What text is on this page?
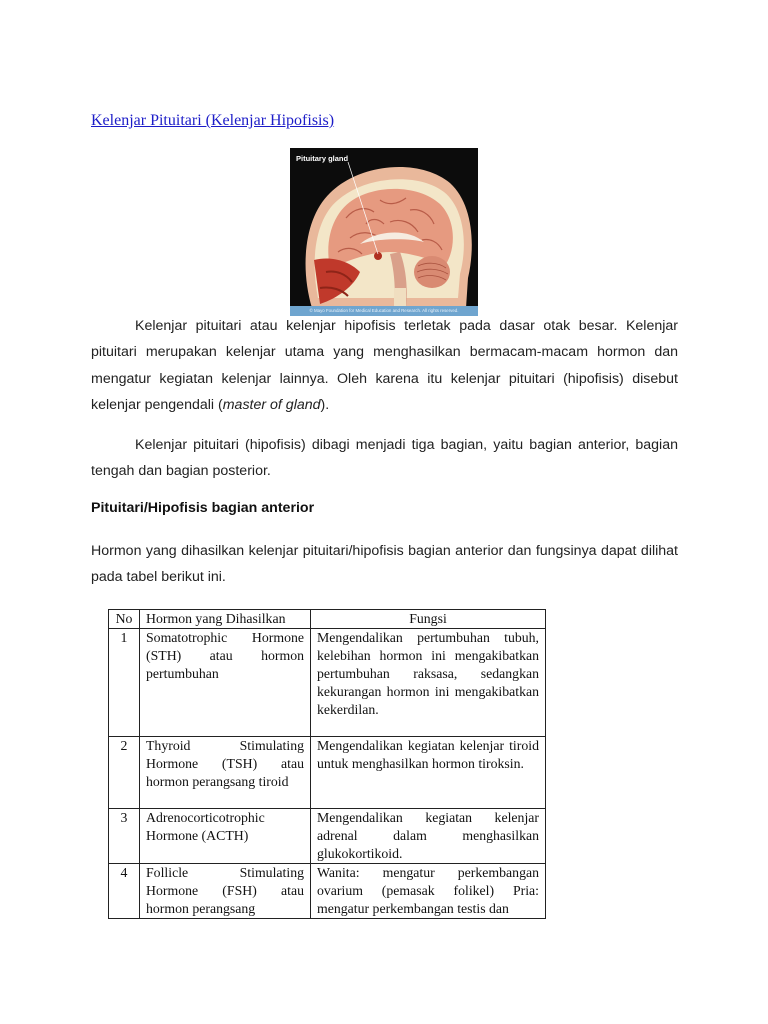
Kelenjar Pituitari (Kelenjar Hipofisis)
Pituitary gland
© Mayo Foundation for Medical Education and Research. All rights reserved.

Kelenjar pituitari atau kelenjar hipofisis terletak pada dasar otak besar. Kelenjar pituitari merupakan kelenjar utama yang menghasilkan bermacam-macam hormon dan mengatur kegiatan kelenjar lainnya. Oleh karena itu kelenjar pituitari (hipofisis) disebut kelenjar pengendali (master of gland).

Kelenjar pituitari (hipofisis) dibagi menjadi tiga bagian, yaitu bagian anterior, bagian tengah dan bagian posterior.

Pituitari/Hipofisis bagian anterior

Hormon yang dihasilkan kelenjar pituitari/hipofisis bagian anterior dan fungsinya dapat dilihat pada tabel berikut ini.

No	Hormon yang Dihasilkan	Fungsi
1	Somatotrophic Hormone (STH) atau hormon pertumbuhan	Mengendalikan pertumbuhan tubuh, kelebihan hormon ini mengakibatkan pertumbuhan raksasa, sedangkan kekurangan hormon ini mengakibatkan kekerdilan.
2	Thyroid Stimulating Hormone (TSH) atau hormon perangsang tiroid	Mengendalikan kegiatan kelenjar tiroid untuk menghasilkan hormon tiroksin.
3	Adrenocorticotrophic Hormone (ACTH)	Mengendalikan kegiatan kelenjar adrenal dalam menghasilkan glukokortikoid.
4	Follicle Stimulating Hormone (FSH) atau hormon perangsang	Wanita: mengatur perkembangan ovarium (pemasak folikel) Pria: mengatur perkembangan testis dan
